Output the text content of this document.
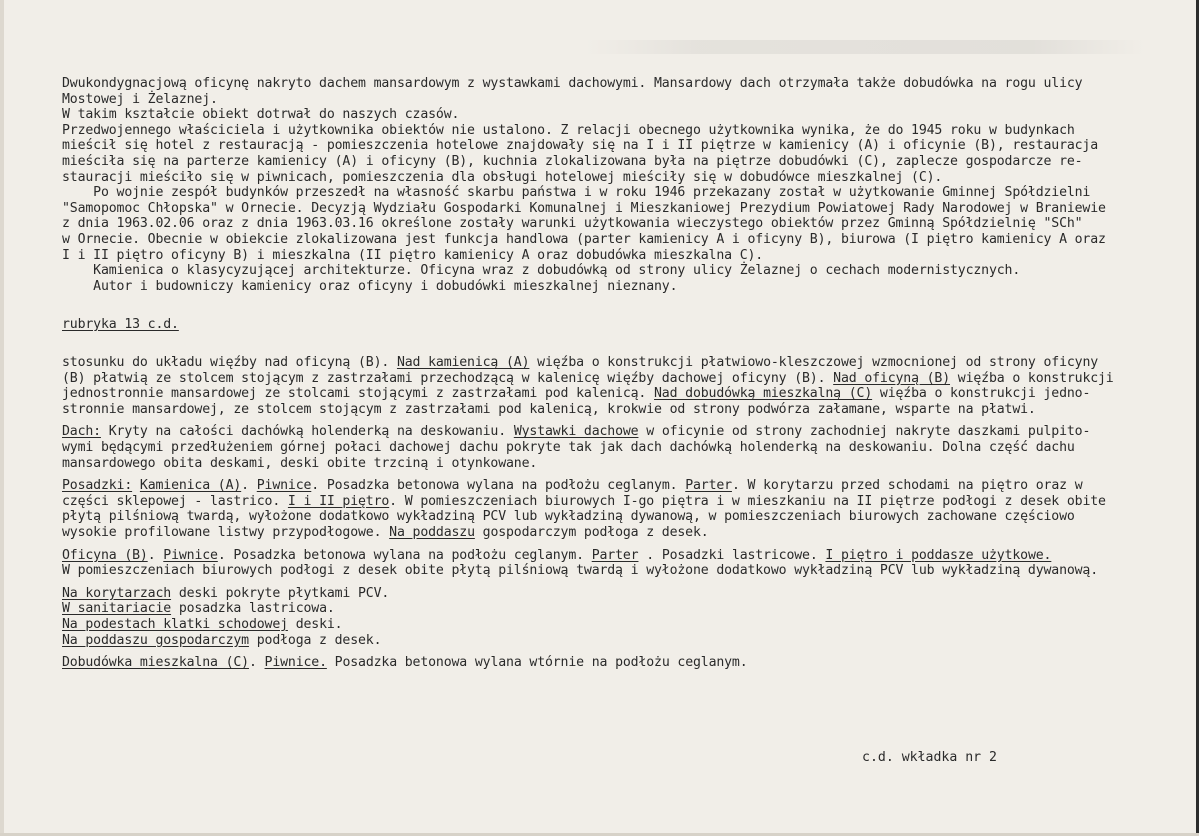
Dwukondygnacjową oficynę nakryto dachem mansardowym z wystawkami dachowymi. Mansardowy dach otrzymała także dobudówka na rogu ulicy
Mostowej i Żelaznej.
W takim kształcie obiekt dotrwał do naszych czasów.
Przedwojennego właściciela i użytkownika obiektów nie ustalono. Z relacji obecnego użytkownika wynika, że do 1945 roku w budynkach
mieścił się hotel z restauracją - pomieszczenia hotelowe znajdowały się na I i II piętrze w kamienicy (A) i oficynie (B), restauracja
mieściła się na parterze kamienicy (A) i oficyny (B), kuchnia zlokalizowana była na piętrze dobudówki (C), zaplecze gospodarcze re-
stauracji mieściło się w piwnicach, pomieszczenia dla obsługi hotelowej mieściły się w dobudówce mieszkalnej (C).
Po wojnie zespół budynków przeszedł na własność skarbu państwa i w roku 1946 przekazany został w użytkowanie Gminnej Spółdzielni
"Samopomoc Chłopska" w Ornecie. Decyzją Wydziału Gospodarki Komunalnej i Mieszkaniowej Prezydium Powiatowej Rady Narodowej w Braniewie
z dnia 1963.02.06 oraz z dnia 1963.03.16 określone zostały warunki użytkowania wieczystego obiektów przez Gminną Spółdzielnię "SCh"
w Ornecie. Obecnie w obiekcie zlokalizowana jest funkcja handlowa (parter kamienicy A i oficyny B), biurowa (I piętro kamienicy A oraz
I i II piętro oficyny B) i mieszkalna (II piętro kamienicy A oraz dobudówka mieszkalna C).
Kamienica o klasycyzującej architekturze. Oficyna wraz z dobudówką od strony ulicy Żelaznej o cechach modernistycznych.
Autor i budowniczy kamienicy oraz oficyny i dobudówki mieszkalnej nieznany.
rubryka 13 c.d.
stosunku do układu więźby nad oficyną (B). Nad kamienicą (A) więźba o konstrukcji płatwiowo-kleszczowej wzmocnionej od strony oficyny
(B) płatwią ze stolcem stojącym z zastrzałami przechodzącą w kalenicę więźby dachowej oficyny (B). Nad oficyną (B) więźba o konstrukcji
jednostronnie mansardowej ze stolcami stojącymi z zastrzałami pod kalenicą. Nad dobudówką mieszkalną (C) więźba o konstrukcji jedno-
stronnie mansardowej, ze stolcem stojącym z zastrzałami pod kalenicą, krokwie od strony podwórza załamane, wsparte na płatwi.
Dach: Kryty na całości dachówką holenderką na deskowaniu. Wystawki dachowe w oficynie od strony zachodniej nakryte daszkami pulpito-
wymi będącymi przedłużeniem górnej połaci dachowej dachu pokryte tak jak dach dachówką holenderką na deskowaniu. Dolna część dachu
mansardowego obita deskami, deski obite trzciną i otynkowane.
Posadzki: Kamienica (A). Piwnice. Posadzka betonowa wylana na podłożu ceglanym. Parter. W korytarzu przed schodami na piętro oraz w
części sklepowej - lastrico. I i II piętro. W pomieszczeniach biurowych I-go piętra i w mieszkaniu na II piętrze podłogi z desek obite
płytą pilśniową twardą, wyłożone dodatkowo wykładziną PCV lub wykładziną dywanową, w pomieszczeniach biurowych zachowane częściowo
wysokie profilowane listwy przypodłogowe. Na poddaszu gospodarczym podłoga z desek.
Oficyna (B). Piwnice. Posadzka betonowa wylana na podłożu ceglanym. Parter . Posadzki lastricowe. I piętro i poddasze użytkowe.
W pomieszczeniach biurowych podłogi z desek obite płytą pilśniową twardą i wyłożone dodatkowo wykładziną PCV lub wykładziną dywanową.
Na korytarzach deski pokryte płytkami PCV.
W sanitariacie posadzka lastricowa.
Na podestach klatki schodowej deski.
Na poddaszu gospodarczym podłoga z desek.
Dobudówka mieszkalna (C). Piwnice. Posadzka betonowa wylana wtórnie na podłożu ceglanym.
c.d. wkładka nr 2
